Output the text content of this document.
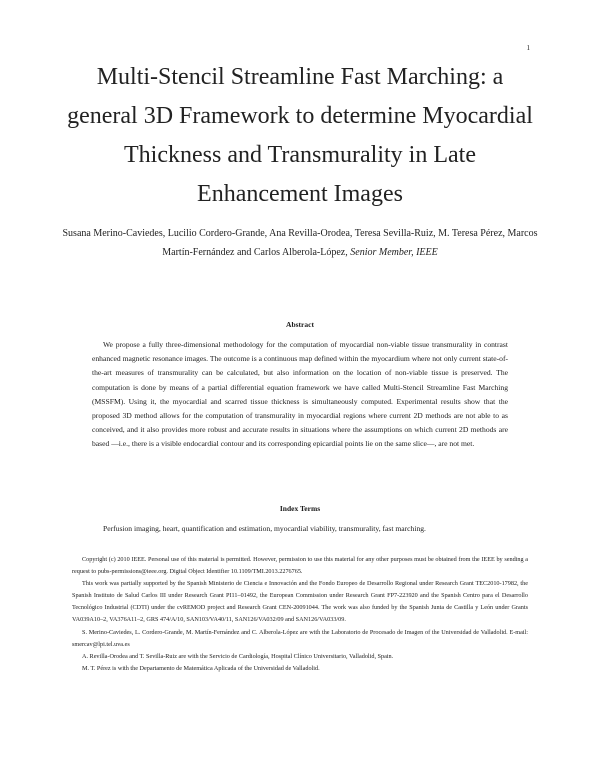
1
Multi-Stencil Streamline Fast Marching: a general 3D Framework to determine Myocardial Thickness and Transmurality in Late Enhancement Images
Susana Merino-Caviedes, Lucilio Cordero-Grande, Ana Revilla-Orodea, Teresa Sevilla-Ruiz, M. Teresa Pérez, Marcos Martín-Fernández and Carlos Alberola-López, Senior Member, IEEE
Abstract

We propose a fully three-dimensional methodology for the computation of myocardial non-viable tissue transmurality in contrast enhanced magnetic resonance images. The outcome is a continuous map defined within the myocardium where not only current state-of-the-art measures of transmurality can be calculated, but also information on the location of non-viable tissue is preserved. The computation is done by means of a partial differential equation framework we have called Multi-Stencil Streamline Fast Marching (MSSFM). Using it, the myocardial and scarred tissue thickness is simultaneously computed. Experimental results show that the proposed 3D method allows for the computation of transmurality in myocardial regions where current 2D methods are not able to as conceived, and it also provides more robust and accurate results in situations where the assumptions on which current 2D methods are based —i.e., there is a visible endocardial contour and its corresponding epicardial points lie on the same slice—, are not met.

Index Terms

Perfusion imaging, heart, quantification and estimation, myocardial viability, transmurality, fast marching.

Copyright (c) 2010 IEEE. Personal use of this material is permitted. However, permission to use this material for any other purposes must be obtained from the IEEE by sending a request to pubs-permissions@ieee.org. Digital Object Identifier 10.1109/TMI.2013.2276765.

This work was partially supported by the Spanish Ministerio de Ciencia e Innovación and the Fondo Europeo de Desarrollo Regional under Research Grant TEC2010-17982, the Spanish Instituto de Salud Carlos III under Research Grant PI11–01492, the European Commission under Research Grant FP7-223920 and the Spanish Centro para el Desarrollo Tecnológico Industrial (CDTI) under the cvREMOD project and Research Grant CEN-20091044. The work was also funded by the Spanish Junta de Castilla y León under Grants VA039A10–2, VA376A11–2, GRS 474/A/10, SAN103/VA40/11, SAN126/VA032/09 and SAN126/VA033/09.

S. Merino-Caviedes, L. Cordero-Grande, M. Martín-Fernández and C. Alberola-López are with the Laboratorio de Procesado de Imagen of the Universidad de Valladolid. E-mail: smercav@lpi.tel.uva.es

A. Revilla-Orodea and T. Sevilla-Ruiz are with the Servicio de Cardiología, Hospital Clínico Universitario, Valladolid, Spain.

M. T. Pérez is with the Departamento de Matemática Aplicada of the Universidad de Valladolid.
